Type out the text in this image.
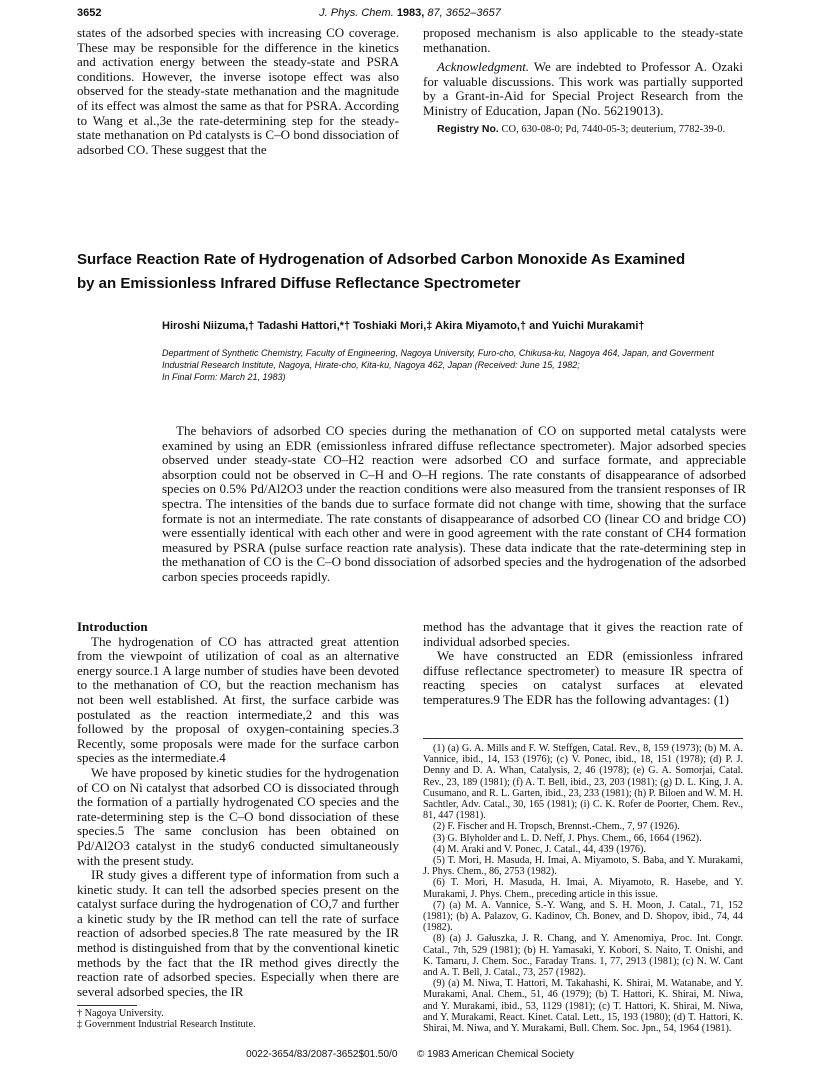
3652	J. Phys. Chem. 1983, 87, 3652–3657

states of the adsorbed species with increasing CO coverage. These may be responsible for the difference in the kinetics and activation energy between the steady-state and PSRA conditions. However, the inverse isotope effect was also observed for the steady-state methanation and the magnitude of its effect was almost the same as that for PSRA. According to Wang et al.,3e the rate-determining step for the steady-state methanation on Pd catalysts is C–O bond dissociation of adsorbed CO. These suggest that the

proposed mechanism is also applicable to the steady-state methanation.

Acknowledgment. We are indebted to Professor A. Ozaki for valuable discussions. This work was partially supported by a Grant-in-Aid for Special Project Research from the Ministry of Education, Japan (No. 56219013).

Registry No. CO, 630-08-0; Pd, 7440-05-3; deuterium, 7782-39-0.

Surface Reaction Rate of Hydrogenation of Adsorbed Carbon Monoxide As Examined
by an Emissionless Infrared Diffuse Reflectance Spectrometer
Hiroshi Niizuma,† Tadashi Hattori,*† Toshiaki Mori,‡ Akira Miyamoto,† and Yuichi Murakami†
Department of Synthetic Chemistry, Faculty of Engineering, Nagoya University, Furo-cho, Chikusa-ku, Nagoya 464, Japan, and Goverment
Industrial Research Institute, Nagoya, Hirate-cho, Kita-ku, Nagoya 462, Japan (Received: June 15, 1982;
In Final Form: March 21, 1983)

The behaviors of adsorbed CO species during the methanation of CO on supported metal catalysts were examined by using an EDR (emissionless infrared diffuse reflectance spectrometer). Major adsorbed species observed under steady-state CO–H2 reaction were adsorbed CO and surface formate, and appreciable absorption could not be observed in C–H and O–H regions. The rate constants of disappearance of adsorbed species on 0.5% Pd/Al2O3 under the reaction conditions were also measured from the transient responses of IR spectra. The intensities of the bands due to surface formate did not change with time, showing that the surface formate is not an intermediate. The rate constants of disappearance of adsorbed CO (linear CO and bridge CO) were essentially identical with each other and were in good agreement with the rate constant of CH4 formation measured by PSRA (pulse surface reaction rate analysis). These data indicate that the rate-determining step in the methanation of CO is the C–O bond dissociation of adsorbed species and the hydrogenation of the adsorbed carbon species proceeds rapidly.

Introduction

The hydrogenation of CO has attracted great attention from the viewpoint of utilization of coal as an alternative energy source.1 A large number of studies have been devoted to the methanation of CO, but the reaction mechanism has not been well established. At first, the surface carbide was postulated as the reaction intermediate,2 and this was followed by the proposal of oxygen-containing species.3 Recently, some proposals were made for the surface carbon species as the intermediate.4

We have proposed by kinetic studies for the hydrogenation of CO on Ni catalyst that adsorbed CO is dissociated through the formation of a partially hydrogenated CO species and the rate-determining step is the C–O bond dissociation of these species.5 The same conclusion has been obtained on Pd/Al2O3 catalyst in the study6 conducted simultaneously with the present study.

IR study gives a different type of information from such a kinetic study. It can tell the adsorbed species present on the catalyst surface during the hydrogenation of CO,7 and further a kinetic study by the IR method can tell the rate of surface reaction of adsorbed species.8 The rate measured by the IR method is distinguished from that by the conventional kinetic methods by the fact that the IR method gives directly the reaction rate of adsorbed species. Especially when there are several adsorbed species, the IR

† Nagoya University.
‡ Government Industrial Research Institute.

method has the advantage that it gives the reaction rate of individual adsorbed species.

We have constructed an EDR (emissionless infrared diffuse reflectance spectrometer) to measure IR spectra of reacting species on catalyst surfaces at elevated temperatures.9 The EDR has the following advantages: (1)

(1) (a) G. A. Mills and F. W. Steffgen, Catal. Rev., 8, 159 (1973); (b) M. A. Vannice, ibid., 14, 153 (1976); (c) V. Ponec, ibid., 18, 151 (1978); (d) P. J. Denny and D. A. Whan, Catalysis, 2, 46 (1978); (e) G. A. Somorjai, Catal. Rev., 23, 189 (1981); (f) A. T. Bell, ibid., 23, 203 (1981); (g) D. L. King, J. A. Cusumano, and R. L. Garten, ibid., 23, 233 (1981); (h) P. Biloen and W. M. H. Sachtler, Adv. Catal., 30, 165 (1981); (i) C. K. Rofer de Poorter, Chem. Rev., 81, 447 (1981).

(2) F. Fischer and H. Tropsch, Brennst.-Chem., 7, 97 (1926).

(3) G. Blyholder and L. D. Neff, J. Phys. Chem., 66, 1664 (1962).

(4) M. Araki and V. Ponec, J. Catal., 44, 439 (1976).

(5) T. Mori, H. Masuda, H. Imai, A. Miyamoto, S. Baba, and Y. Murakami, J. Phys. Chem., 86, 2753 (1982).

(6) T. Mori, H. Masuda, H. Imai, A. Miyamoto, R. Hasebe, and Y. Murakami, J. Phys. Chem., preceding article in this issue.

(7) (a) M. A. Vannice, S.-Y. Wang, and S. H. Moon, J. Catal., 71, 152 (1981); (b) A. Palazov, G. Kadinov, Ch. Bonev, and D. Shopov, ibid., 74, 44 (1982).

(8) (a) J. Gałuszka, J. R. Chang, and Y. Amenomiya, Proc. Int. Congr. Catal., 7th, 529 (1981); (b) H. Yamasaki, Y. Kobori, S. Naito, T. Onishi, and K. Tamaru, J. Chem. Soc., Faraday Trans. 1, 77, 2913 (1981); (c) N. W. Cant and A. T. Bell, J. Catal., 73, 257 (1982).

(9) (a) M. Niwa, T. Hattori, M. Takahashi, K. Shirai, M. Watanabe, and Y. Murakami, Anal. Chem., 51, 46 (1979); (b) T. Hattori, K. Shirai, M. Niwa, and Y. Murakami, ibid., 53, 1129 (1981); (c) T. Hattori, K. Shirai, M. Niwa, and Y. Murakami, React. Kinet. Catal. Lett., 15, 193 (1980); (d) T. Hattori, K. Shirai, M. Niwa, and Y. Murakami, Bull. Chem. Soc. Jpn., 54, 1964 (1981).

0022-3654/83/2087-3652$01.50/0 © 1983 American Chemical Society
